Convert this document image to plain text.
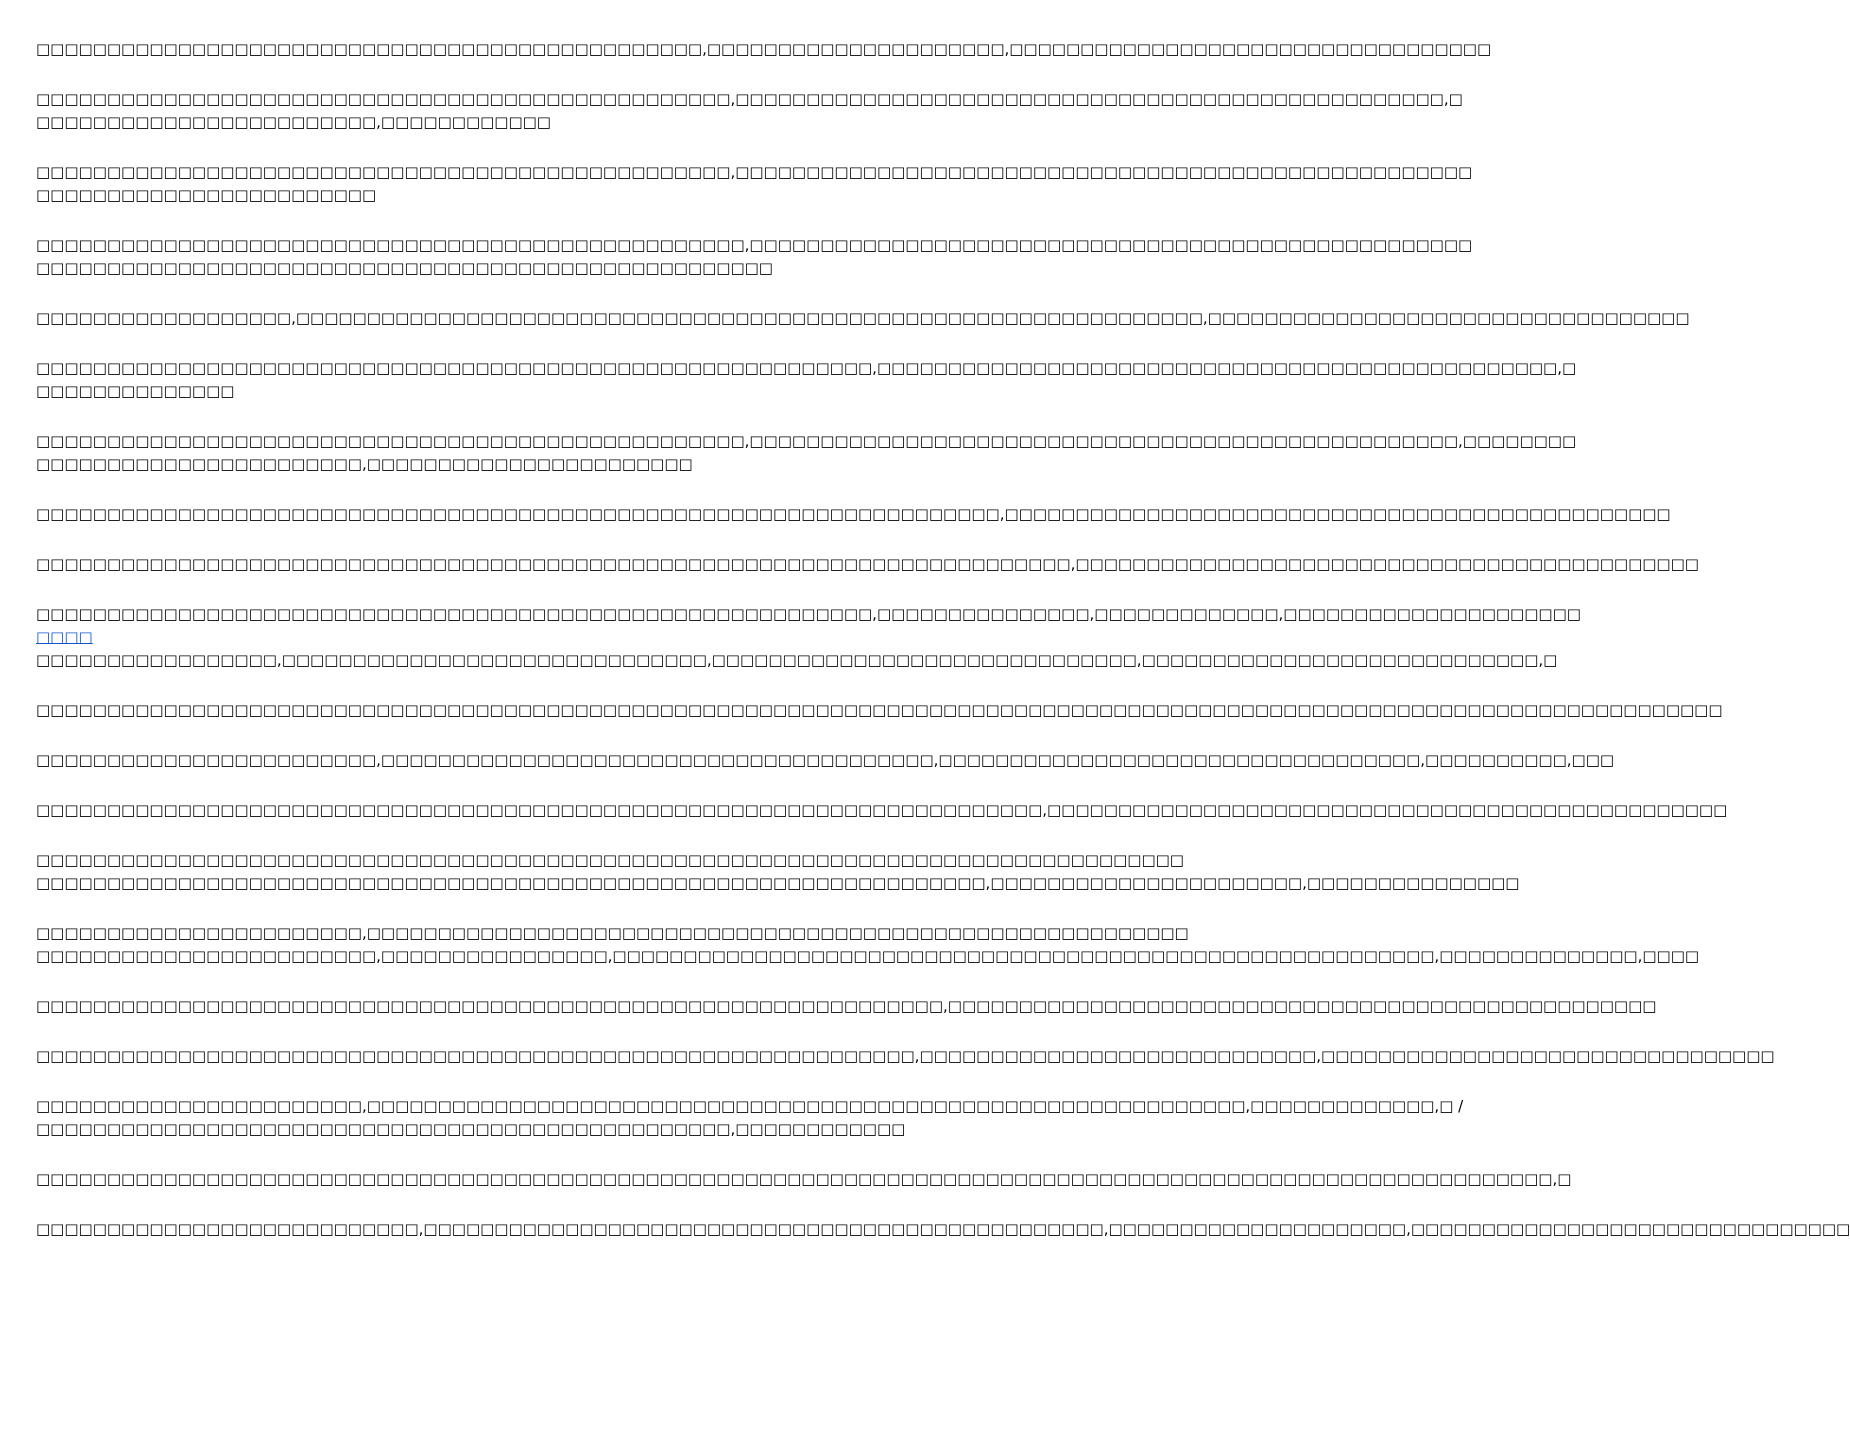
□□□□□□□□□□□□□□□□□□□□□□□□□□□□□□□□□□□□□□□□□□□□□□□,□□□□□□□□□□□□□□□□□□□□□,□□□□□□□□□□□□□□□□□□□□□□□□□□□□□□□□□□
□□□□□□□□□□□□□□□□□□□□□□□□□□□□□□□□□□□□□□□□□□□□□□□□□,□□□□□□□□□□□□□□□□□□□□□□□□□□□□□□□□□□□□□□□□□□□□□□□□□□,□
□□□□□□□□□□□□□□□□□□□□□□□□,□□□□□□□□□□□□
□□□□□□□□□□□□□□□□□□□□□□□□□□□□□□□□□□□□□□□□□□□□□□□□□,□□□□□□□□□□□□□□□□□□□□□□□□□□□□□□□□□□□□□□□□□□□□□□□□□□□□
□□□□□□□□□□□□□□□□□□□□□□□□
□□□□□□□□□□□□□□□□□□□□□□□□□□□□□□□□□□□□□□□□□□□□□□□□□□,□□□□□□□□□□□□□□□□□□□□□□□□□□□□□□□□□□□□□□□□□□□□□□□□□□□
□□□□□□□□□□□□□□□□□□□□□□□□□□□□□□□□□□□□□□□□□□□□□□□□□□□□
□□□□□□□□□□□□□□□□□□,□□□□□□□□□□□□□□□□□□□□□□□□□□□□□□□□□□□□□□□□□□□□□□□□□□□□□□□□□□□□□□□□,□□□□□□□□□□□□□□□□□□□□□□□□□□□□□□□□□□
□□□□□□□□□□□□□□□□□□□□□□□□□□□□□□□□□□□□□□□□□□□□□□□□□□□□□□□□□□□,□□□□□□□□□□□□□□□□□□□□□□□□□□□□□□□□□□□□□□□□□□□□□□□□,□
□□□□□□□□□□□□□□
□□□□□□□□□□□□□□□□□□□□□□□□□□□□□□□□□□□□□□□□□□□□□□□□□□,□□□□□□□□□□□□□□□□□□□□□□□□□□□□□□□□□□□□□□□□□□□□□□□□□□,□□□□□□□□
□□□□□□□□□□□□□□□□□□□□□□□,□□□□□□□□□□□□□□□□□□□□□□□
□□□□□□□□□□□□□□□□□□□□□□□□□□□□□□□□□□□□□□□□□□□□□□□□□□□□□□□□□□□□□□□□□□□□,□□□□□□□□□□□□□□□□□□□□□□□□□□□□□□□□□□□□□□□□□□□□□□□
□□□□□□□□□□□□□□□□□□□□□□□□□□□□□□□□□□□□□□□□□□□□□□□□□□□□□□□□□□□□□□□□□□□□□□□□□,□□□□□□□□□□□□□□□□□□□□□□□□□□□□□□□□□□□□□□□□□□□□
□□□□□□□□□□□□□□□□□□□□□□□□□□□□□□□□□□□□□□□□□□□□□□□□□□□□□□□□□□□,□□□□□□□□□□□□□□□,□□□□□□□□□□□□□,□□□□□□□□□□□□□□□□□□□□□
□□□□
□□□□□□□□□□□□□□□□□,□□□□□□□□□□□□□□□□□□□□□□□□□□□□□□,□□□□□□□□□□□□□□□□□□□□□□□□□□□□□□,□□□□□□□□□□□□□□□□□□□□□□□□□□□□,□
□□□□□□□□□□□□□□□□□□□□□□□□□□□□□□□□□□□□□□□□□□□□□□□□□□□□□□□□□□□□□□□□□□□□□□□□□□□□□□□□□□□□□□□□□□□□□□□□□□□□□□□□□□□□□□□□□□□□□□□
□□□□□□□□□□□□□□□□□□□□□□□□,□□□□□□□□□□□□□□□□□□□□□□□□□□□□□□□□□□□□□□□,□□□□□□□□□□□□□□□□□□□□□□□□□□□□□□□□□□,□□□□□□□□□□,□□□
□□□□□□□□□□□□□□□□□□□□□□□□□□□□□□□□□□□□□□□□□□□□□□□□□□□□□□□□□□□□□□□□□□□□□□□,□□□□□□□□□□□□□□□□□□□□□□□□□□□□□□□□□□□□□□□□□□□□□□□□
□□□□□□□□□□□□□□□□□□□□□□□□□□□□□□□□□□□□□□□□□□□□□□□□□□□□□□□□□□□□□□□□□□□□□□□□□□□□□□□□□
□□□□□□□□□□□□□□□□□□□□□□□□□□□□□□□□□□□□□□□□□□□□□□□□□□□□□□□□□□□□□□□□□□□,□□□□□□□□□□□□□□□□□□□□□□,□□□□□□□□□□□□□□□
□□□□□□□□□□□□□□□□□□□□□□□,□□□□□□□□□□□□□□□□□□□□□□□□□□□□□□□□□□□□□□□□□□□□□□□□□□□□□□□□□□
□□□□□□□□□□□□□□□□□□□□□□□□,□□□□□□□□□□□□□□□□,□□□□□□□□□□□□□□□□□□□□□□□□□□□□□□□□□□□□□□□□□□□□□□□□□□□□□□□□□□,□□□□□□□□□□□□□□,□□□□
□□□□□□□□□□□□□□□□□□□□□□□□□□□□□□□□□□□□□□□□□□□□□□□□□□□□□□□□□□□□□□□□,□□□□□□□□□□□□□□□□□□□□□□□□□□□□□□□□□□□□□□□□□□□□□□□□□□
□□□□□□□□□□□□□□□□□□□□□□□□□□□□□□□□□□□□□□□□□□□□□□□□□□□□□□□□□□□□□□,□□□□□□□□□□□□□□□□□□□□□□□□□□□□,□□□□□□□□□□□□□□□□□□□□□□□□□□□□□□□□
□□□□□□□□□□□□□□□□□□□□□□□,□□□□□□□□□□□□□□□□□□□□□□□□□□□□□□□□□□□□□□□□□□□□□□□□□□□□□□□□□□□□□□,□□□□□□□□□□□□□,□ /
□□□□□□□□□□□□□□□□□□□□□□□□□□□□□□□□□□□□□□□□□□□□□□□□□,□□□□□□□□□□□□
□□□□□□□□□□□□□□□□□□□□□□□□□□□□□□□□□□□□□□□□□□□□□□□□□□□□□□□□□□□□□□□□□□□□□□□□□□□□□□□□□□□□□□□□□□□□□□□□□□□□□□□□□□□,□
□□□□□□□□□□□□□□□□□□□□□□□□□□□,□□□□□□□□□□□□□□□□□□□□□□□□□□□□□□□□□□□□□□□□□□□□□□□□,□□□□□□□□□□□□□□□□□□□□□,□□□□□□□□□□□□□□□□□□□□□□□□□□□□□□□
